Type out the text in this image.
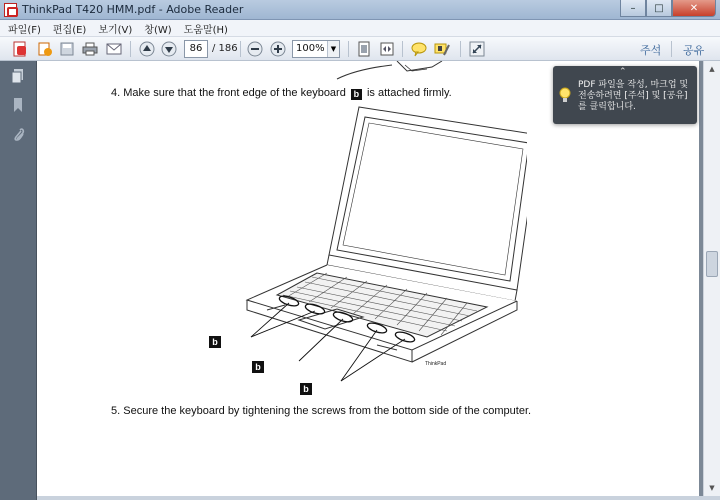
ThinkPad T420 HMM.pdf - Adobe Reader	–	□	✕
파일(F) 편집(E) 보기(V) 창(W) 도움말(H)
86 / 186	100% ▼	주석 공유
4. Make sure that the front edge of the keyboard b is attached firmly.
ThinkPad
b
b
b
5. Secure the keyboard by tightening the screws from the bottom side of the computer.
▲
▼
⌃
PDF 파일을 작성, 마크업 및 전송하려면 [주석] 및 [공유]를 클릭합니다.
